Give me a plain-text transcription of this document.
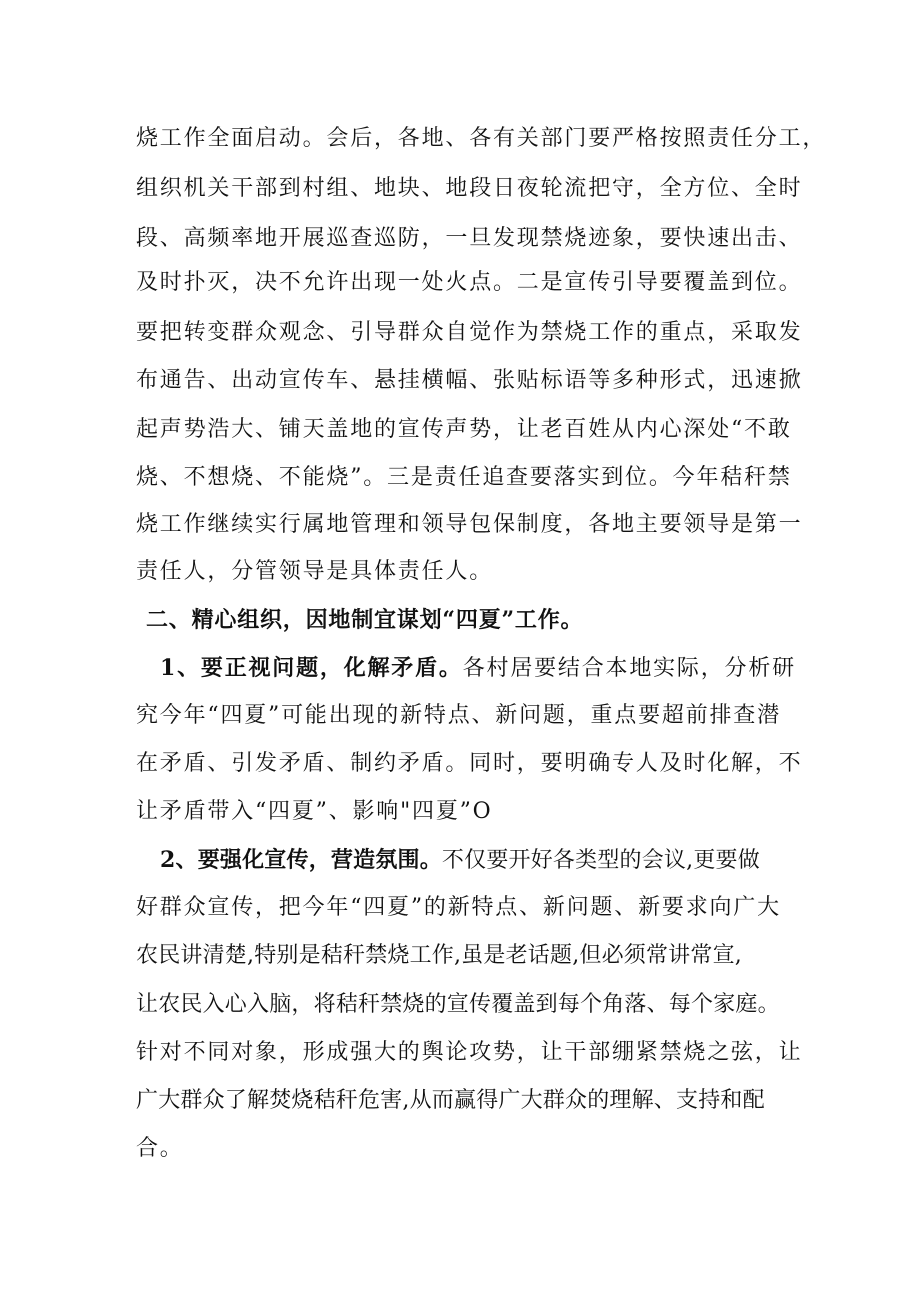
烧工作全面启动。会后，各地、各有关部门要严格按照责任分工，
组织机关干部到村组、地块、地段日夜轮流把守，全方位、全时
段、高频率地开展巡查巡防，一旦发现禁烧迹象，要快速出击、
及时扑灭，决不允许出现一处火点。二是宣传引导要覆盖到位。
要把转变群众观念、引导群众自觉作为禁烧工作的重点，采取发
布通告、出动宣传车、悬挂横幅、张贴标语等多种形式，迅速掀
起声势浩大、铺天盖地的宣传声势，让老百姓从内心深处“不敢
烧、不想烧、不能烧”。三是责任追查要落实到位。今年秸秆禁
烧工作继续实行属地管理和领导包保制度，各地主要领导是第一
责任人，分管领导是具体责任人。
二、精心组织，因地制宜谋划“四夏”工作。
1、要正视问题，化解矛盾。各村居要结合本地实际，分析研
究今年“四夏”可能出现的新特点、新问题，重点要超前排查潜
在矛盾、引发矛盾、制约矛盾。同时，要明确专人及时化解，不
让矛盾带入“四夏”、影响"四夏”O
2、要强化宣传，营造氛围。不仅要开好各类型的会议,更要做
好群众宣传，把今年“四夏”的新特点、新问题、新要求向广大
农民讲清楚,特别是秸秆禁烧工作,虽是老话题,但必须常讲常宣,
让农民入心入脑，将秸秆禁烧的宣传覆盖到每个角落、每个家庭。
针对不同对象，形成强大的舆论攻势，让干部绷紧禁烧之弦，让
广大群众了解焚烧秸秆危害,从而赢得广大群众的理解、支持和配
合。
